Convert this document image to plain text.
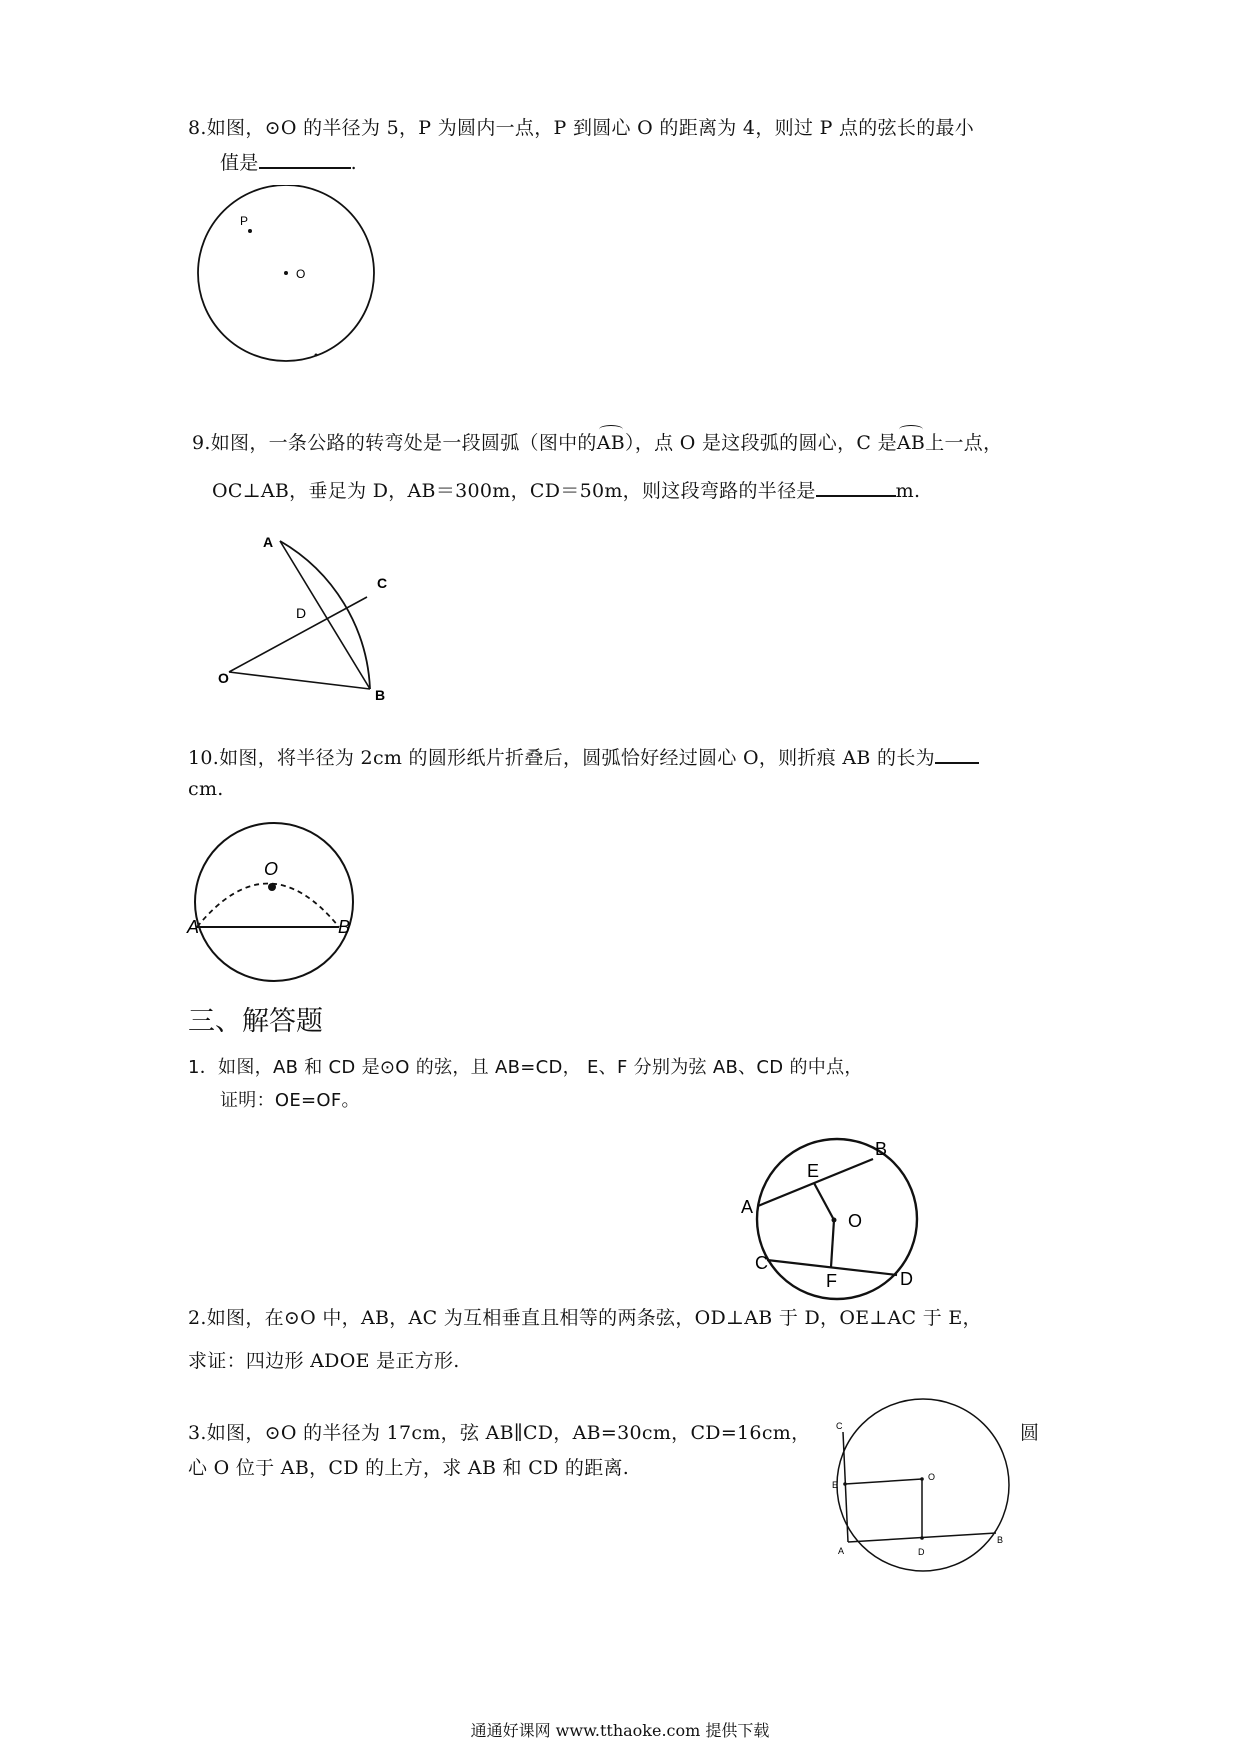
8.如图，⊙O 的半径为 5，P 为圆内一点，P 到圆心 O 的距离为 4，则过 P 点的弦长的最小
值是	.
P
O
9.如图，一条公路的转弯处是一段圆弧（图中的AB），点 O 是这段弧的圆心，C 是AB上一点，
OC⊥AB，垂足为 D，AB＝300m，CD＝50m，则这段弯路的半径是	m.
A
C
D
O
B
10.如图，将半径为 2cm 的圆形纸片折叠后，圆弧恰好经过圆心 O，则折痕 AB 的长为
cm.
O
A	B
三、解答题
1．如图，AB 和 CD 是⊙O 的弦，且 AB=CD， E、F 分别为弦 AB、CD 的中点，
证明：OE=OF。
B
E
A
O
C
F	D
2.如图，在⊙O 中，AB，AC 为互相垂直且相等的两条弦，OD⊥AB 于 D，OE⊥AC 于 E，
求证：四边形 ADOE 是正方形.
3.如图，⊙O 的半径为 17cm，弦 AB∥CD，AB=30cm，CD=16cm，	圆
心 O 位于 AB，CD 的上方，求 AB 和 CD 的距离.
C
E
O
A	D
B
通通好课网 www.tthaoke.com 提供下载
